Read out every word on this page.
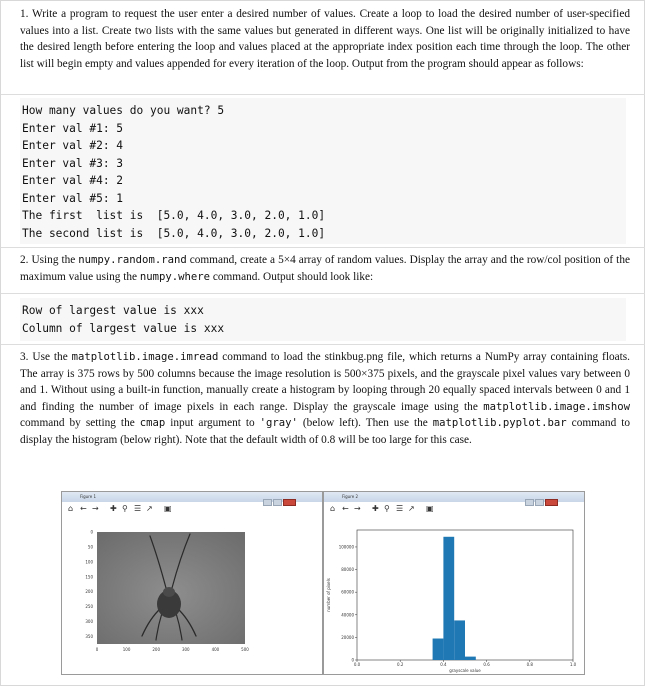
1. Write a program to request the user enter a desired number of values. Create a loop to load the desired number of user-specified values into a list. Create two lists with the same values but generated in different ways. One list will be originally initialized to have the desired length before entering the loop and values placed at the appropriate index position each time through the loop. The other list will begin empty and values appended for every iteration of the loop. Output from the program should appear as follows:

How many values do you want? 5
Enter val #1: 5
Enter val #2: 4
Enter val #3: 3
Enter val #4: 2
Enter val #5: 1
The first  list is  [5.0, 4.0, 3.0, 2.0, 1.0]
The second list is  [5.0, 4.0, 3.0, 2.0, 1.0]

2. Using the numpy.random.rand command, create a 5×4 array of random values. Display the array and the row/col position of the maximum value using the numpy.where command. Output should look like:

Row of largest value is xxx
Column of largest value is xxx

3. Use the matplotlib.image.imread command to load the stinkbug.png file, which returns a NumPy array containing floats. The array is 375 rows by 500 columns because the image resolution is 500×375 pixels, and the grayscale pixel values vary between 0 and 1. Without using a built-in function, manually create a histogram by looping through 20 equally spaced intervals between 0 and 1 and finding the number of image pixels in each range. Display the grayscale image using the matplotlib.image.imshow command by setting the cmap input argument to 'gray' (below left). Then use the matplotlib.pyplot.bar command to display the histogram (below right). Note that the default width of 0.8 will be too large for this case.

Figure 1
⌂ ← → ✚ ⚲ ☰ ↗ ▣
0
50
100
150
200
250
300
350
0	100	200	300	400	500
Figure 2
⌂ ← → ✚ ⚲ ☰ ↗ ▣
0
20000
40000
60000
80000
100000
0.0	0.2	0.4	0.6	0.8	1.0
grayscale value
number of pixels
